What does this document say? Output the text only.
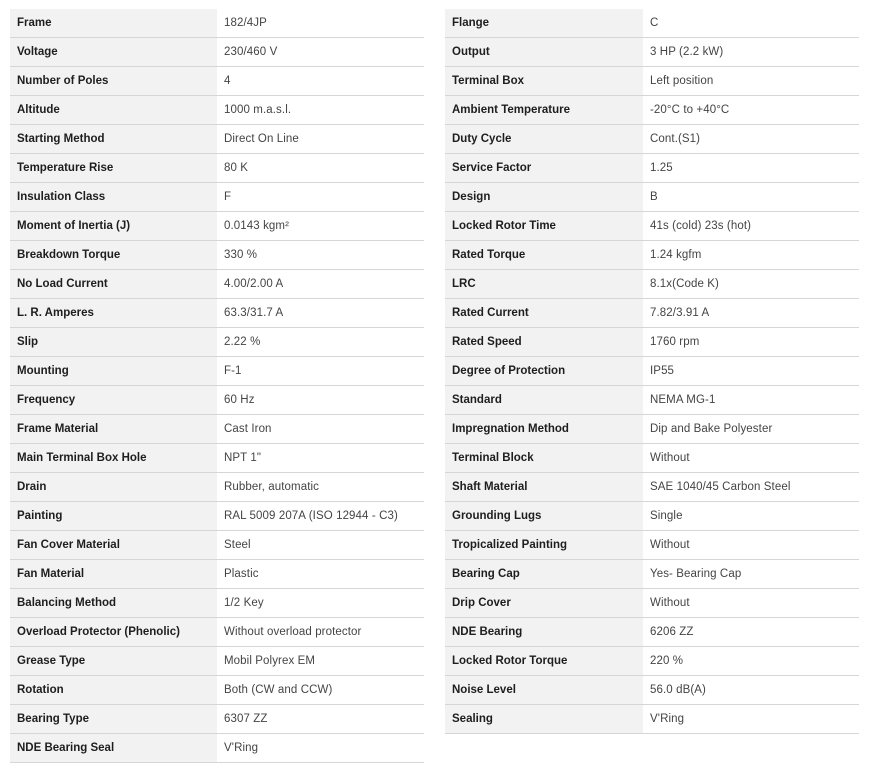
Frame	182/4JP
Voltage	230/460 V
Number of Poles	4
Altitude	1000 m.a.s.l.
Starting Method	Direct On Line
Temperature Rise	80 K
Insulation Class	F
Moment of Inertia (J)	0.0143 kgm²
Breakdown Torque	330 %
No Load Current	4.00/2.00 A
L. R. Amperes	63.3/31.7 A
Slip	2.22 %
Mounting	F-1
Frequency	60 Hz
Frame Material	Cast Iron
Main Terminal Box Hole	NPT 1"
Drain	Rubber, automatic
Painting	RAL 5009 207A (ISO 12944 - C3)
Fan Cover Material	Steel
Fan Material	Plastic
Balancing Method	1/2 Key
Overload Protector (Phenolic)	Without overload protector
Grease Type	Mobil Polyrex EM
Rotation	Both (CW and CCW)
Bearing Type	6307 ZZ
NDE Bearing Seal	V'Ring
Flange	C
Output	3 HP (2.2 kW)
Terminal Box	Left position
Ambient Temperature	-20°C to +40°C
Duty Cycle	Cont.(S1)
Service Factor	1.25
Design	B
Locked Rotor Time	41s (cold) 23s (hot)
Rated Torque	1.24 kgfm
LRC	8.1x(Code K)
Rated Current	7.82/3.91 A
Rated Speed	1760 rpm
Degree of Protection	IP55
Standard	NEMA MG-1
Impregnation Method	Dip and Bake Polyester
Terminal Block	Without
Shaft Material	SAE 1040/45 Carbon Steel
Grounding Lugs	Single
Tropicalized Painting	Without
Bearing Cap	Yes- Bearing Cap
Drip Cover	Without
NDE Bearing	6206 ZZ
Locked Rotor Torque	220 %
Noise Level	56.0 dB(A)
Sealing	V'Ring
